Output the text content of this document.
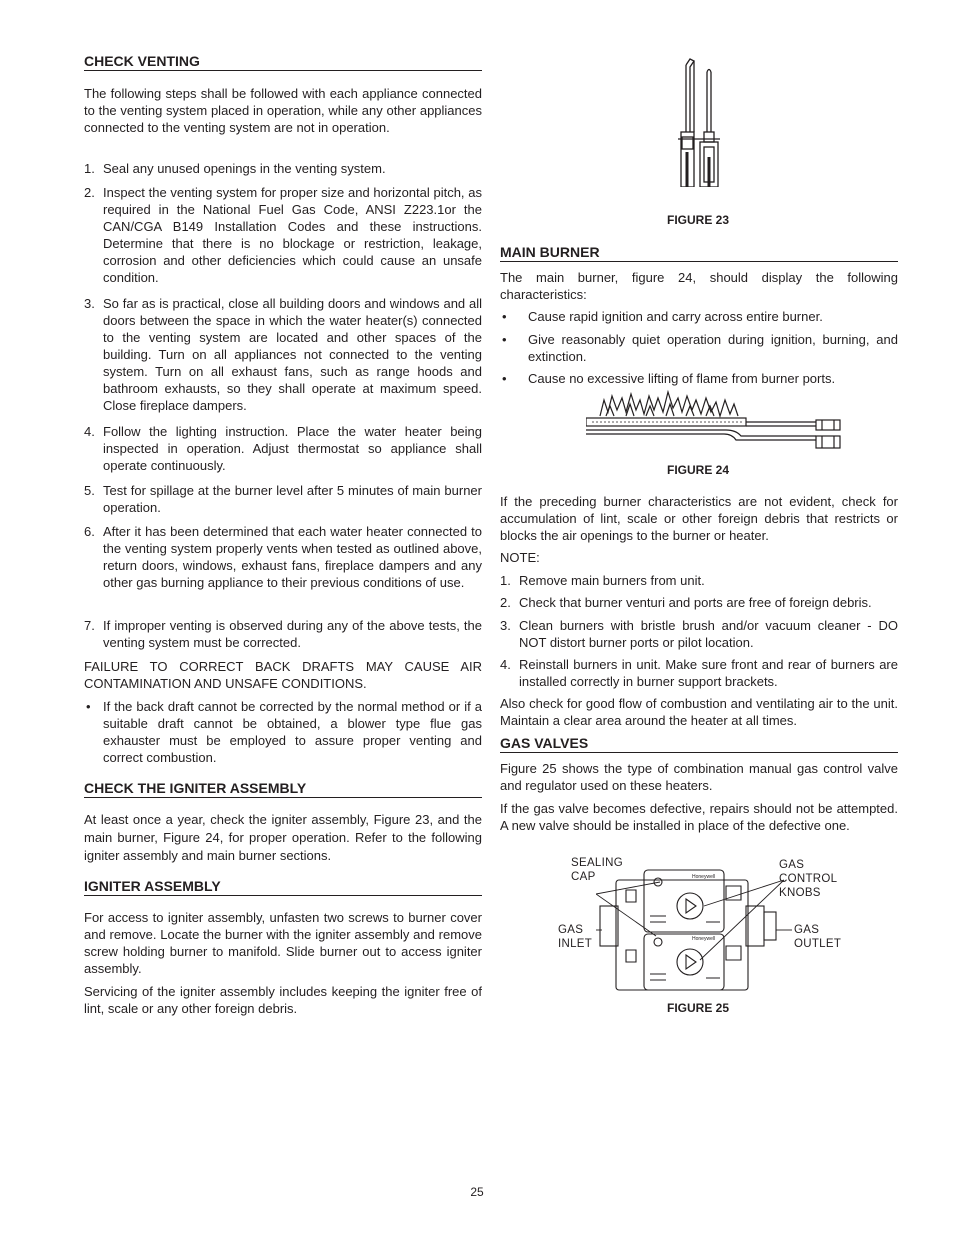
CHECK VENTING

The following steps shall be followed with each appliance connected to the venting system placed in operation, while any other appliances connected to the venting system are not in operation.

1. Seal any unused openings in the venting system.
2. Inspect the venting system for proper size and horizontal pitch, as required in the National Fuel Gas Code, ANSI Z223.1or the CAN/CGA B149 Installation Codes and these instructions. Determine that there is no blockage or restriction, leakage, corrosion and other deficiencies which could cause an unsafe condition.
3. So far as is practical, close all building doors and windows and all doors between the space in which the water heater(s) connected to the venting system are located and other spaces of the building. Turn on all appliances not connected to the venting system. Turn on all exhaust fans, such as range hoods and bathroom exhausts, so they shall operate at maximum speed. Close fireplace dampers.
4. Follow the lighting instruction. Place the water heater being inspected in operation. Adjust thermostat so appliance shall operate continuously.
5. Test for spillage at the burner level after 5 minutes of main burner operation.
6. After it has been determined that each water heater connected to the venting system properly vents when tested as outlined above, return doors, windows, exhaust fans, fireplace dampers and any other gas burning appliance to their previous conditions of use.
7. If improper venting is observed during any of the above tests, the venting system must be corrected.

FAILURE TO CORRECT BACK DRAFTS MAY CAUSE AIR CONTAMINATION AND UNSAFE CONDITIONS.

• If the back draft cannot be corrected by the normal method or if a suitable draft cannot be obtained, a blower type flue gas exhauster must be employed to assure proper venting and correct combustion.
CHECK THE IGNITER ASSEMBLY

At least once a year, check the igniter assembly, Figure 23, and the main burner, Figure 24, for proper operation. Refer to the following igniter assembly and main burner sections.

IGNITER ASSEMBLY

For access to igniter assembly, unfasten two screws to burner cover and remove. Locate the burner with the igniter assembly and remove screw holding burner to manifold. Slide burner out to access igniter assembly.

Servicing of the igniter assembly includes keeping the igniter free of lint, scale or any other foreign debris.

FIGURE 23
MAIN BURNER

The main burner, figure 24, should display the following characteristics:

•	Cause rapid ignition and carry across entire burner.
•	Give reasonably quiet operation during ignition, burning, and extinction.
•	Cause no excessive lifting of flame from burner ports.
FIGURE 24

If the preceding burner characteristics are not evident, check for accumulation of lint, scale or other foreign debris that restricts or blocks the air openings to the burner or heater.

NOTE:

1. Remove main burners from unit.
2. Check that burner venturi and ports are free of foreign debris.
3. Clean burners with bristle brush and/or vacuum cleaner - DO NOT distort burner ports or pilot location.
4. Reinstall burners in unit. Make sure front and rear of burners are installed correctly in burner support brackets.

Also check for good flow of combustion and ventilating air to the unit. Maintain a clear area around the heater at all times.

GAS VALVES

Figure 25 shows the type of combination manual gas control valve and regulator used on these heaters.

If the gas valve becomes defective, repairs should not be attempted. A new valve should be installed in place of the defective one.

Honeywell
Honeywell
SEALING
CAP
GAS
CONTROL
KNOBS
GAS
INLET
GAS
OUTLET
FIGURE 25
25
